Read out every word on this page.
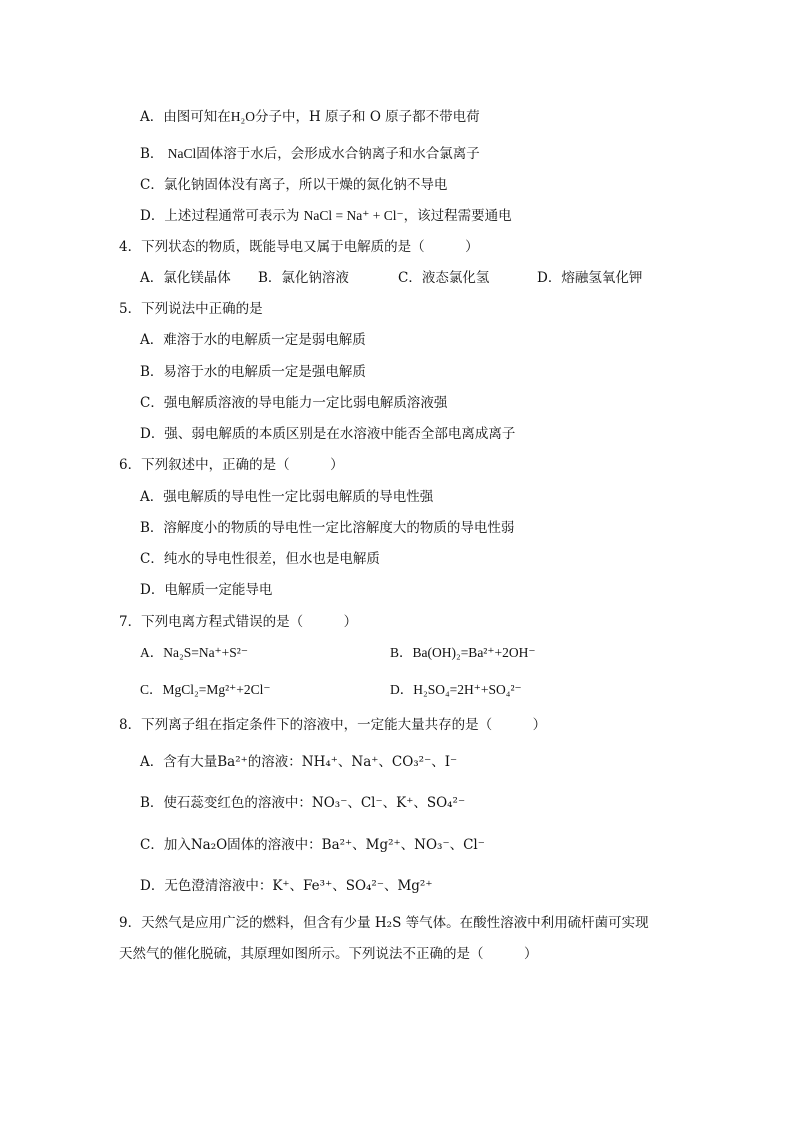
A．由图可知在H₂O分子中，H 原子和 O 原子都不带电荷
B． NaCl固体溶于水后，会形成水合钠离子和水合氯离子
C．氯化钠固体没有离子，所以干燥的氮化钠不导电
D．上述过程通常可表示为 NaCl = Na⁺ + Cl⁻，该过程需要通电
4．下列状态的物质，既能导电又属于电解质的是（　　　）
A．氯化镁晶体 B．氯化钠溶液	C．液态氯化氢	D．熔融氢氧化钾
5．下列说法中正确的是
A．难溶于水的电解质一定是弱电解质
B．易溶于水的电解质一定是强电解质
C．强电解质溶液的导电能力一定比弱电解质溶液强
D．强、弱电解质的本质区别是在水溶液中能否全部电离成离子
6．下列叙述中，正确的是（　　　）
A．强电解质的导电性一定比弱电解质的导电性强
B．溶解度小的物质的导电性一定比溶解度大的物质的导电性弱
C．纯水的导电性很差，但水也是电解质
D．电解质一定能导电
7．下列电离方程式错误的是（　　　）
A．Na₂S=Na⁺+S²⁻	B．Ba(OH)₂=Ba²⁺+2OH⁻
C．MgCl₂=Mg²⁺+2Cl⁻	D．H₂SO₄=2H⁺+SO₄²⁻
8．下列离子组在指定条件下的溶液中，一定能大量共存的是（　　　）
A．含有大量Ba²⁺的溶液：NH₄⁺、Na⁺、CO₃²⁻、I⁻
B．使石蕊变红色的溶液中：NO₃⁻、Cl⁻、K⁺、SO₄²⁻
C．加入Na₂O固体的溶液中：Ba²⁺、Mg²⁺、NO₃⁻、Cl⁻
D．无色澄清溶液中：K⁺、Fe³⁺、SO₄²⁻、Mg²⁺
9．天然气是应用广泛的燃料，但含有少量 H₂S 等气体。在酸性溶液中利用硫杆菌可实现
天然气的催化脱硫，其原理如图所示。下列说法不正确的是（　　　）
